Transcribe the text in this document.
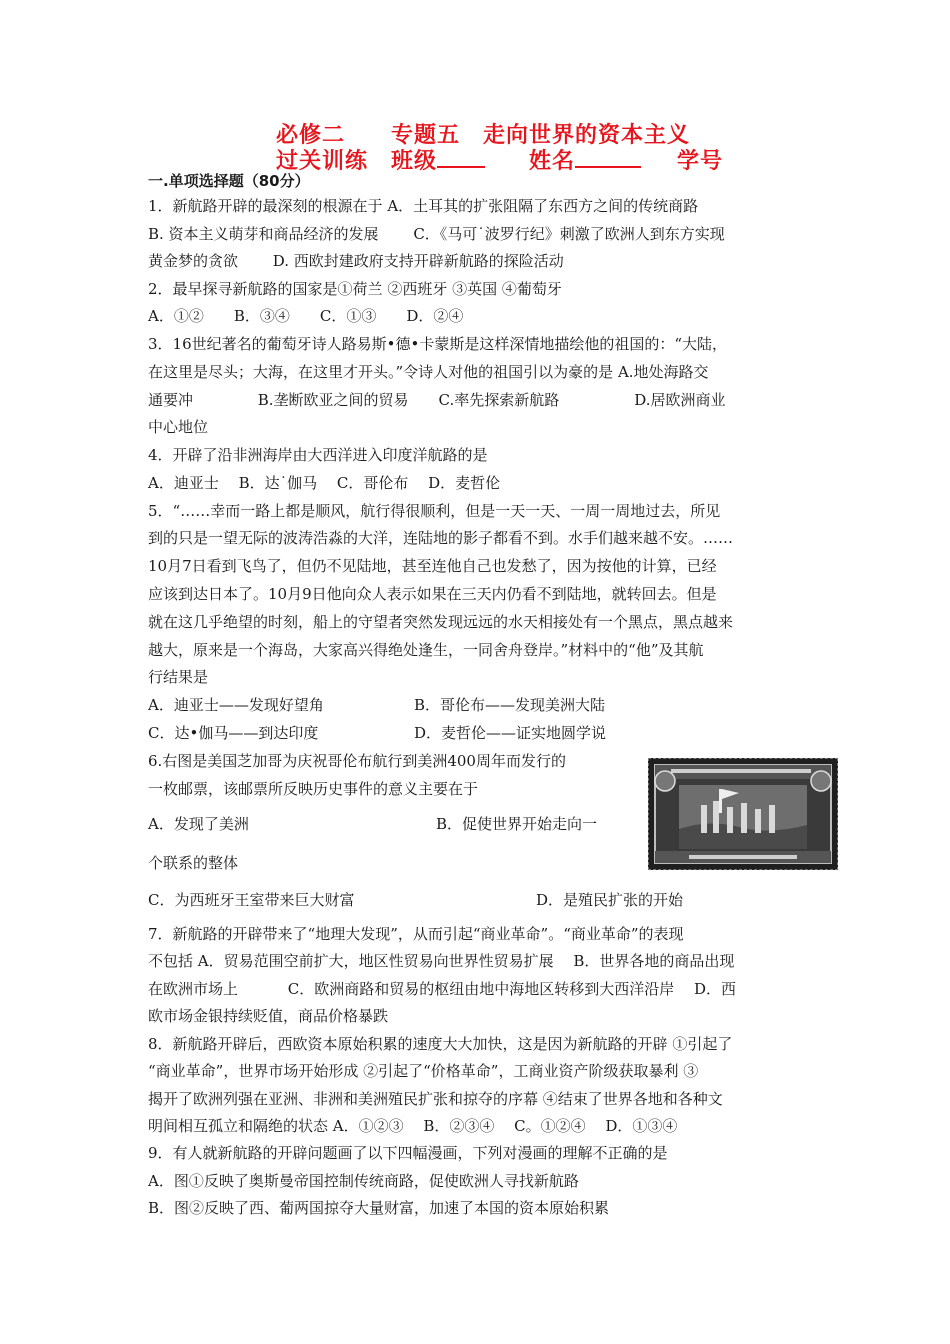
必修二　　专题五　走向世界的资本主义
过关训练　班级	姓名	学号
一.单项选择题（80分）
1．新航路开辟的最深刻的根源在于 A．土耳其的扩张阻隔了东西方之间的传统商路
B. 资本主义萌芽和商品经济的发展　　 C．《马可˙波罗行纪》刺激了欧洲人到东方实现
黄金梦的贪欲　　 D. 西欧封建政府支持开辟新航路的探险活动
2．最早探寻新航路的国家是①荷兰 ②西班牙 ③英国 ④葡萄牙
A．①②　　B．③④　　C．①③　　D．②④
3．16世纪著名的葡萄牙诗人路易斯•德•卡蒙斯是这样深情地描绘他的祖国的：“大陆，
在这里是尽头；大海，在这里才开头。”令诗人对他的祖国引以为豪的是 A.地处海路交
通要冲　　　　 B.垄断欧亚之间的贸易　　C.率先探索新航路　　　　　D.居欧洲商业
中心地位
4．开辟了沿非洲海岸由大西洋进入印度洋航路的是
A．迪亚士　 B．达˙伽马　 C．哥伦布　 D．麦哲伦
5．“……幸而一路上都是顺风，航行得很顺利，但是一天一天、一周一周地过去，所见
到的只是一望无际的波涛浩淼的大洋，连陆地的影子都看不到。水手们越来越不安。……
10月7日看到飞鸟了，但仍不见陆地，甚至连他自己也发愁了，因为按他的计算，已经
应该到达日本了。10月9日他向众人表示如果在三天内仍看不到陆地，就转回去。但是
就在这几乎绝望的时刻，船上的守望者突然发现远远的水天相接处有一个黑点，黑点越来
越大，原来是一个海岛，大家高兴得绝处逢生，一同舍舟登岸。”材料中的“他”及其航
行结果是
A．迪亚士——发现好望角	B．哥伦布——发现美洲大陆
C．达•伽马——到达印度	D．麦哲伦——证实地圆学说
6.右图是美国芝加哥为庆祝哥伦布航行到美洲400周年而发行的
一枚邮票，该邮票所反映历史事件的意义主要在于
A．发现了美洲	B．促使世界开始走向一
个联系的整体
C．为西班牙王室带来巨大财富	D．是殖民扩张的开始
7．新航路的开辟带来了“地理大发现”，从而引起“商业革命”。“商业革命”的表现
不包括 A．贸易范围空前扩大，地区性贸易向世界性贸易扩展　 B．世界各地的商品出现
在欧洲市场上　　　 C．欧洲商路和贸易的枢纽由地中海地区转移到大西洋沿岸　 D．西
欧市场金银持续贬值，商品价格暴跌
8．新航路开辟后，西欧资本原始积累的速度大大加快，这是因为新航路的开辟 ①引起了
“商业革命”，世界市场开始形成 ②引起了“价格革命”，工商业资产阶级获取暴利 ③
揭开了欧洲列强在亚洲、非洲和美洲殖民扩张和掠夺的序幕 ④结束了世界各地和各种文
明间相互孤立和隔绝的状态 A．①②③　 B．②③④　 C。①②④　 D．①③④
9．有人就新航路的开辟问题画了以下四幅漫画，下列对漫画的理解不正确的是
A．图①反映了奥斯曼帝国控制传统商路，促使欧洲人寻找新航路
B．图②反映了西、葡两国掠夺大量财富，加速了本国的资本原始积累
